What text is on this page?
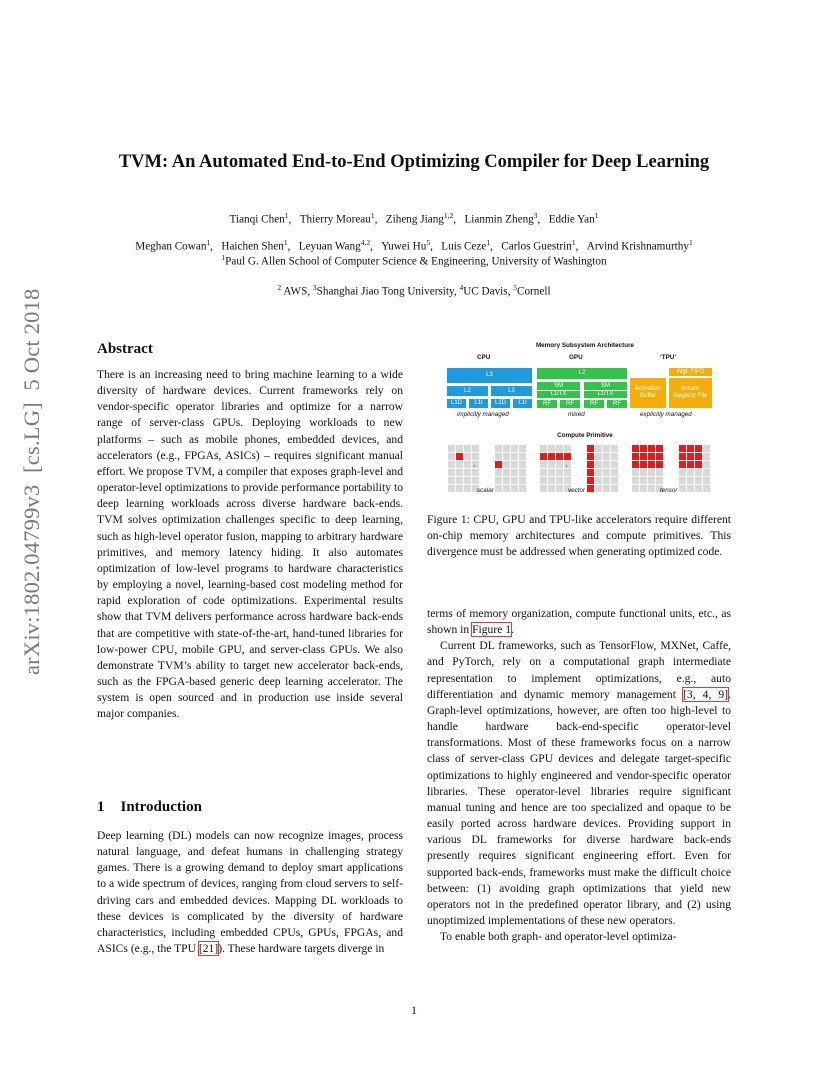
arXiv:1802.04799v3  [cs.LG]  5 Oct 2018
TVM: An Automated End-to-End Optimizing Compiler for Deep Learning
Tianqi Chen$^1$,   Thierry Moreau$^1$,   Ziheng Jiang$^{1,2}$,   Lianmin Zheng$^3$,   Eddie Yan$^1$
Meghan Cowan$^1$,   Haichen Shen$^1$,   Leyuan Wang$^{4,2}$,   Yuwei Hu$^5$,   Luis Ceze$^1$,   Carlos Guestrin$^1$,   Arvind Krishnamurthy$^1$
$^1$Paul G. Allen School of Computer Science & Engineering, University of Washington
$^2$ AWS, $^3$Shanghai Jiao Tong University, $^4$UC Davis, $^5$Cornell
Abstract

There is an increasing need to bring machine learning to a wide diversity of hardware devices. Current frameworks rely on vendor-specific operator libraries and optimize for a narrow range of server-class GPUs. Deploying workloads to new platforms – such as mobile phones, embedded devices, and accelerators (e.g., FPGAs, ASICs) – requires significant manual effort. We propose TVM, a compiler that exposes graph-level and operator-level optimizations to provide performance portability to deep learning workloads across diverse hardware back-ends. TVM solves optimization challenges specific to deep learning, such as high-level operator fusion, mapping to arbitrary hardware primitives, and memory latency hiding. It also automates optimization of low-level programs to hardware characteristics by employing a novel, learning-based cost modeling method for rapid exploration of code optimizations. Experimental results show that TVM delivers performance across hardware back-ends that are competitive with state-of-the-art, hand-tuned libraries for low-power CPU, mobile GPU, and server-class GPUs. We also demonstrate TVM’s ability to target new accelerator back-ends, such as the FPGA-based generic deep learning accelerator. The system is open sourced and in production use inside several major companies.

1 Introduction

Deep learning (DL) models can now recognize images, process natural language, and defeat humans in challenging strategy games. There is a growing demand to deploy smart applications to a wide spectrum of devices, ranging from cloud servers to self-driving cars and embedded devices. Mapping DL workloads to these devices is complicated by the diversity of hardware characteristics, including embedded CPUs, GPUs, FPGAs, and ASICs (e.g., the TPU [21]). These hardware targets diverge in

Memory Subsystem Architecture
CPU	GPU	‘TPU’
L3
L2	L2
L1D	L1I	L1D	L1I
L2
SM	SM
L1/TX	L1/TX
RF	RF	RF	RF
Wgt. FIFO
Activation Buffer
Accum. Register File
implicitly managed	mixed	explicitly managed
Compute Primitive
·	·	·
scalar	vector	tensor
Figure 1: CPU, GPU and TPU-like accelerators require different on-chip memory architectures and compute primitives. This divergence must be addressed when generating optimized code.

terms of memory organization, compute functional units, etc., as shown in Figure 1.

Current DL frameworks, such as TensorFlow, MXNet, Caffe, and PyTorch, rely on a computational graph intermediate representation to implement optimizations, e.g., auto differentiation and dynamic memory management [3, 4, 9]. Graph-level optimizations, however, are often too high-level to handle hardware back-end-specific operator-level transformations. Most of these frameworks focus on a narrow class of server-class GPU devices and delegate target-specific optimizations to highly engineered and vendor-specific operator libraries. These operator-level libraries require significant manual tuning and hence are too specialized and opaque to be easily ported across hardware devices. Providing support in various DL frameworks for diverse hardware back-ends presently requires significant engineering effort. Even for supported back-ends, frameworks must make the difficult choice between: (1) avoiding graph optimizations that yield new operators not in the predefined operator library, and (2) using unoptimized implementations of these new operators.

To enable both graph- and operator-level optimiza-

1
